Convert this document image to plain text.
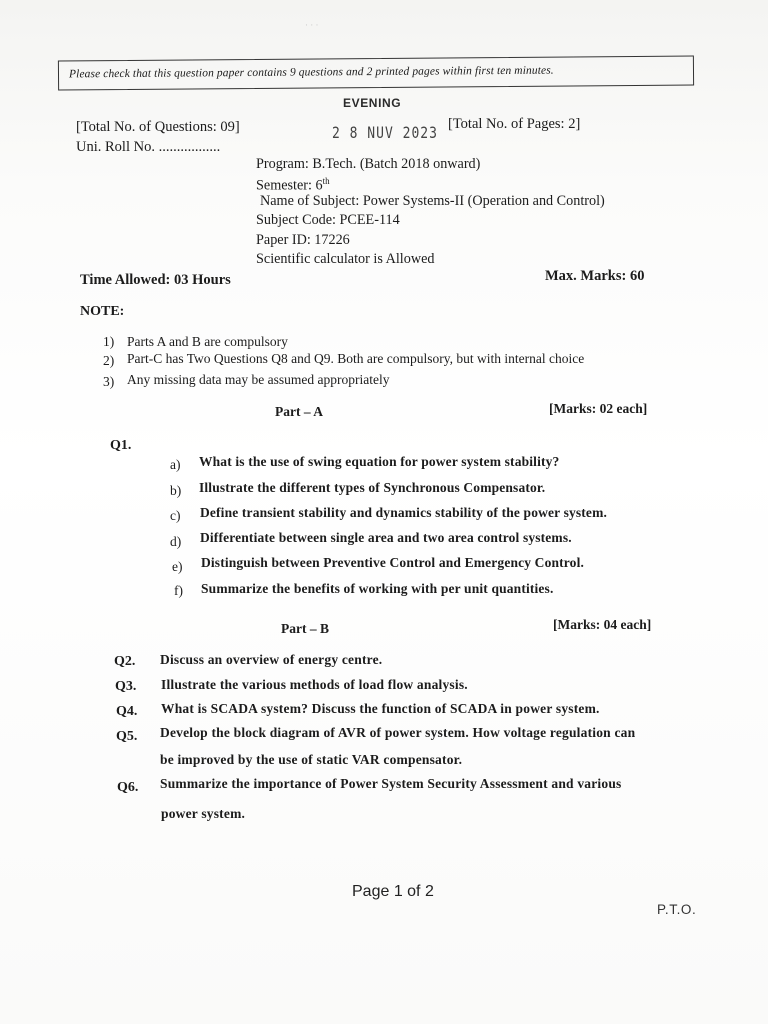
· · ·
Please check that this question paper contains 9 questions and 2 printed pages within first ten minutes.
EVENING
2 8 NUV 2023
[Total No. of Questions: 09]
Uni. Roll No. .................
[Total No. of Pages: 2]
Program: B.Tech. (Batch 2018 onward)
Semester: 6th
Name of Subject: Power Systems-II (Operation and Control)
Subject Code: PCEE-114
Paper ID: 17226
Scientific calculator is Allowed
Time Allowed: 03 Hours	Max. Marks: 60
NOTE:
1) Parts A and B are compulsory
2) Part-C has Two Questions Q8 and Q9. Both are compulsory, but with internal choice
3) Any missing data may be assumed appropriately
Part – A	[Marks: 02 each]
Q1.
a) What is the use of swing equation for power system stability?
b) Illustrate the different types of Synchronous Compensator.
c) Define transient stability and dynamics stability of the power system.
d) Differentiate between single area and two area control systems.
e) Distinguish between Preventive Control and Emergency Control.
f) Summarize the benefits of working with per unit quantities.
Part – B	[Marks: 04 each]
Q2. Discuss an overview of energy centre.
Q3. Illustrate the various methods of load flow analysis.
Q4. What is SCADA system? Discuss the function of SCADA in power system.
Q5. Develop the block diagram of AVR of power system. How voltage regulation can
be improved by the use of static VAR compensator.
Q6. Summarize the importance of Power System Security Assessment and various
power system.
Page 1 of 2
P.T.O.
